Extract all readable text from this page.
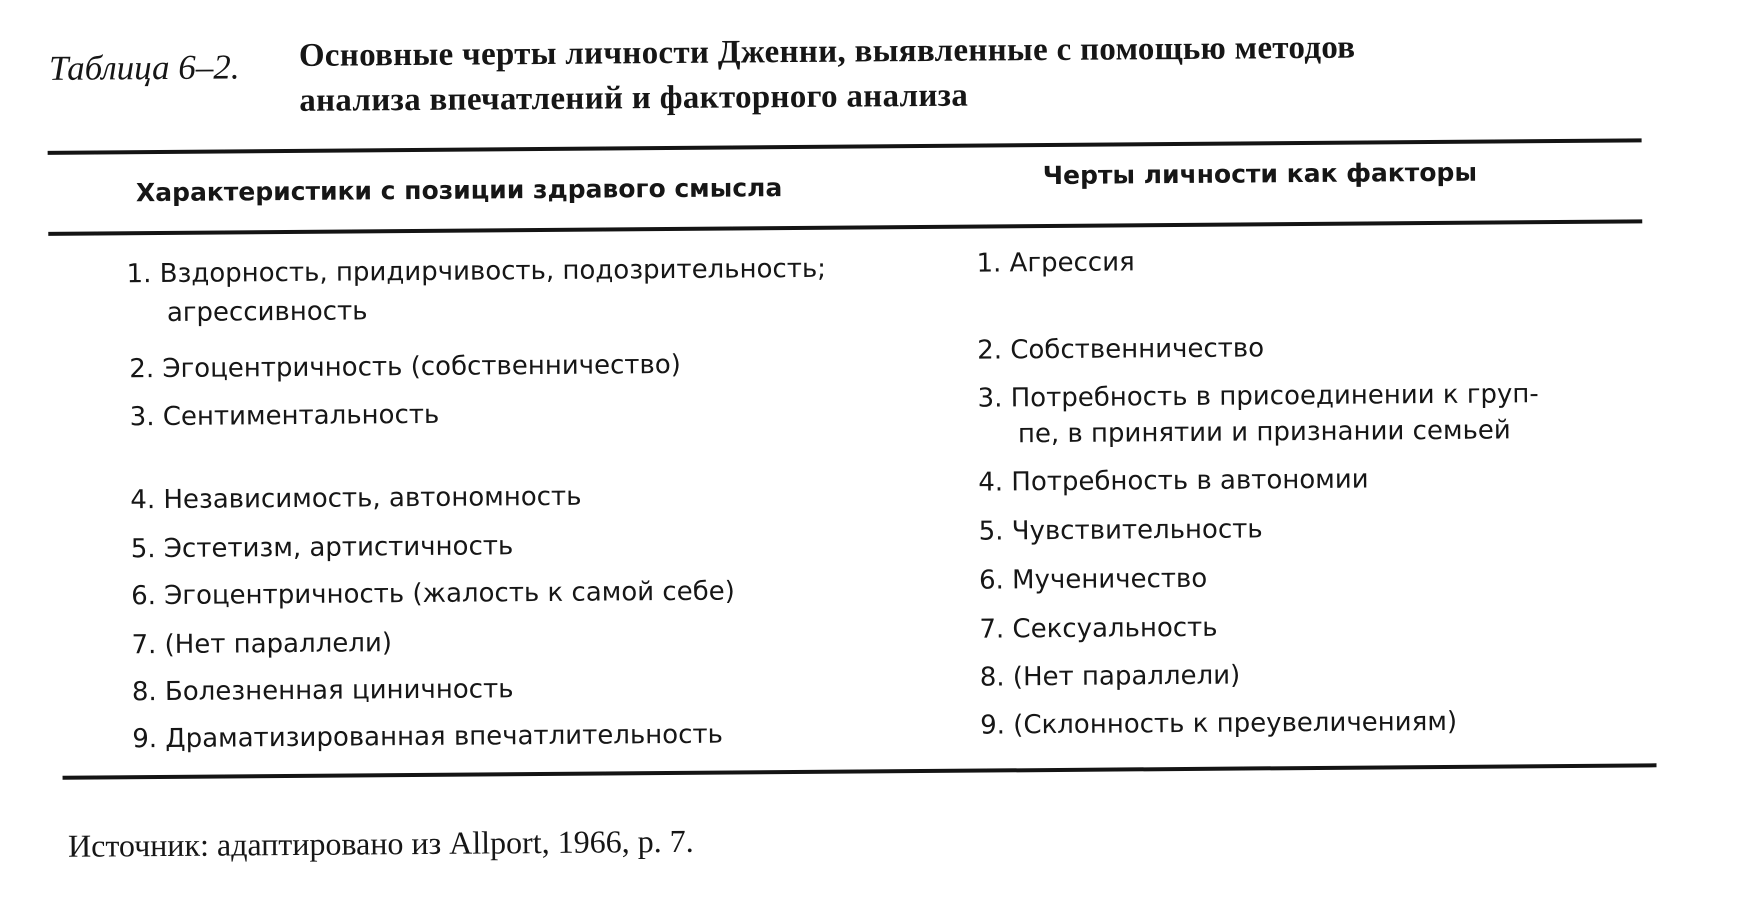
Таблица 6–2. Основные черты личности Дженни, выявленные с помощью методов
анализа впечатлений и факторного анализа
Характеристики с позиции здравого смысла	Черты личности как факторы
1. Вздорность, придирчивость, подозрительность;
агрессивность
2. Эгоцентричность (собственничество)
3. Сентиментальность
4. Независимость, автономность
5. Эстетизм, артистичность
6. Эгоцентричность (жалость к самой себе)
7. (Нет параллели)
8. Болезненная циничность
9. Драматизированная впечатлительность
1. Агрессия
2. Собственничество
3. Потребность в присоединении к груп-
пе, в принятии и признании семьей
4. Потребность в автономии
5. Чувствительность
6. Мученичество
7. Сексуальность
8. (Нет параллели)
9. (Склонность к преувеличениям)
Источник: адаптировано из Allport, 1966, p. 7.
